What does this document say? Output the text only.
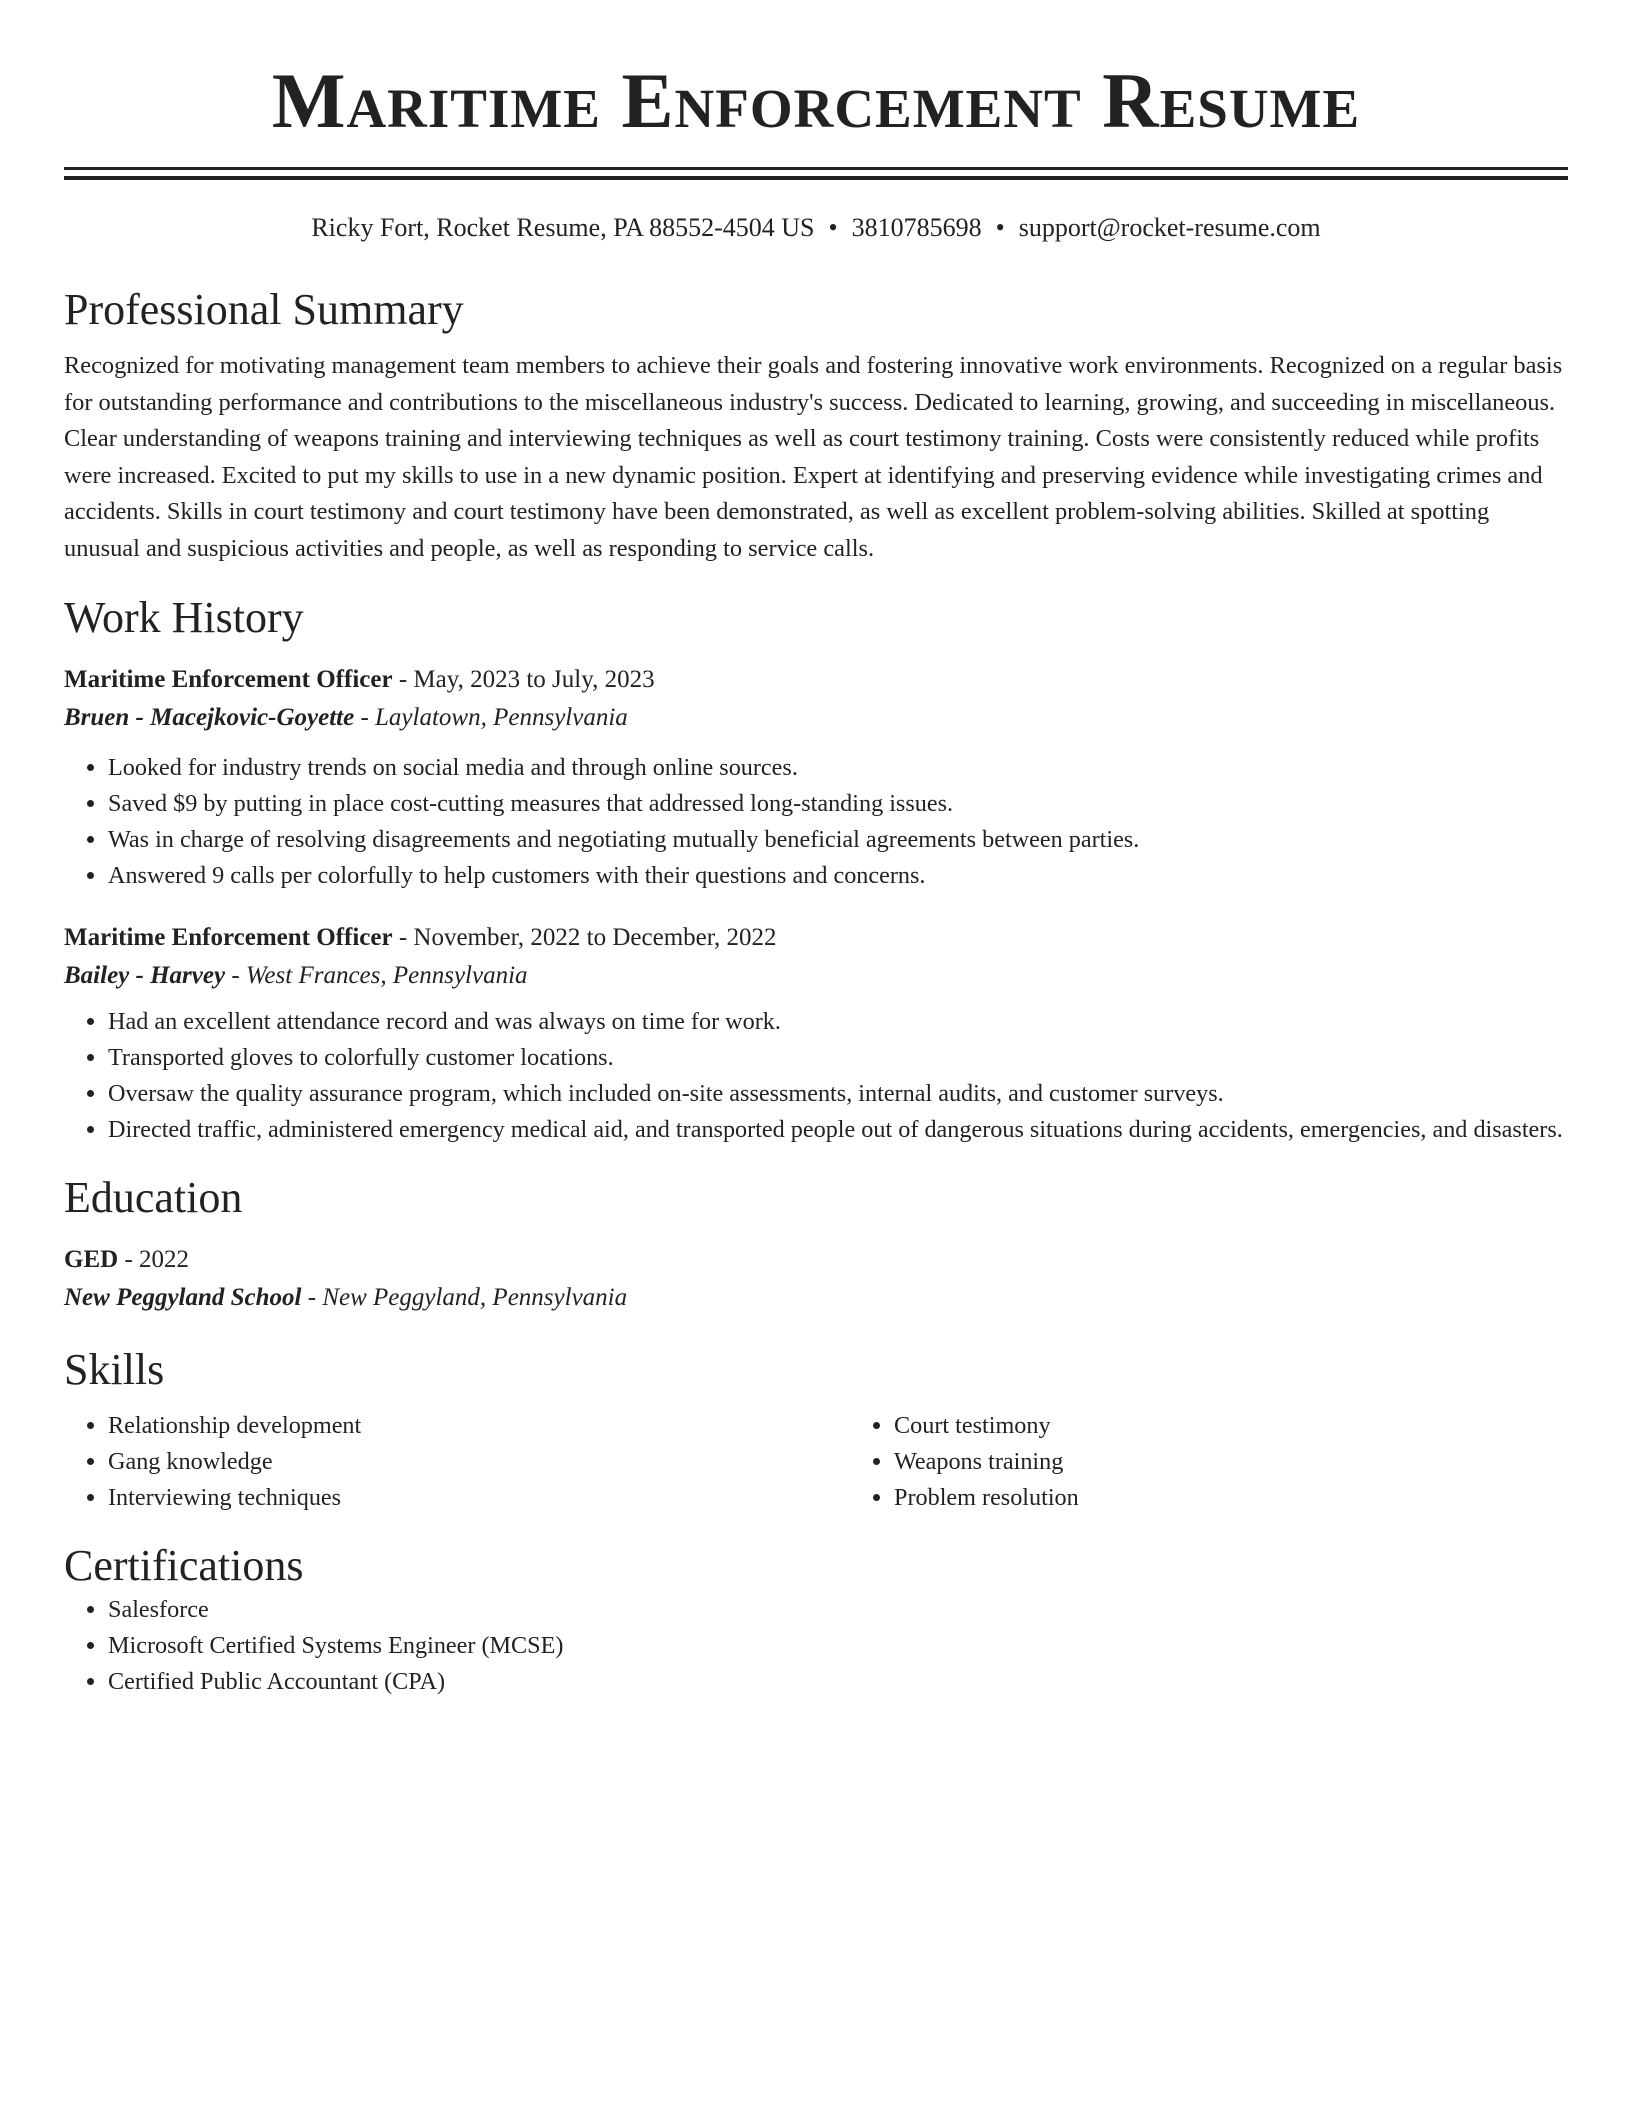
Maritime Enforcement Resume
Ricky Fort, Rocket Resume, PA 88552-4504 US • 3810785698 • support@rocket-resume.com
Professional Summary

Recognized for motivating management team members to achieve their goals and fostering innovative work environments. Recognized on a regular basis for outstanding performance and contributions to the miscellaneous industry's success. Dedicated to learning, growing, and succeeding in miscellaneous. Clear understanding of weapons training and interviewing techniques as well as court testimony training. Costs were consistently reduced while profits were increased. Excited to put my skills to use in a new dynamic position. Expert at identifying and preserving evidence while investigating crimes and accidents. Skills in court testimony and court testimony have been demonstrated, as well as excellent problem-solving abilities. Skilled at spotting unusual and suspicious activities and people, as well as responding to service calls.

Work History
Maritime Enforcement Officer - May, 2023 to July, 2023
Bruen - Macejkovic-Goyette - Laylatown, Pennsylvania
• Looked for industry trends on social media and through online sources.
• Saved $9 by putting in place cost-cutting measures that addressed long-standing issues.
• Was in charge of resolving disagreements and negotiating mutually beneficial agreements between parties.
• Answered 9 calls per colorfully to help customers with their questions and concerns.
Maritime Enforcement Officer - November, 2022 to December, 2022
Bailey - Harvey - West Frances, Pennsylvania
• Had an excellent attendance record and was always on time for work.
• Transported gloves to colorfully customer locations.
• Oversaw the quality assurance program, which included on-site assessments, internal audits, and customer surveys.
• Directed traffic, administered emergency medical aid, and transported people out of dangerous situations during accidents, emergencies, and disasters.
Education
GED - 2022
New Peggyland School - New Peggyland, Pennsylvania
Skills
• Relationship development
• Gang knowledge
• Interviewing techniques
• Court testimony
• Weapons training
• Problem resolution
Certifications
• Salesforce
• Microsoft Certified Systems Engineer (MCSE)
• Certified Public Accountant (CPA)
